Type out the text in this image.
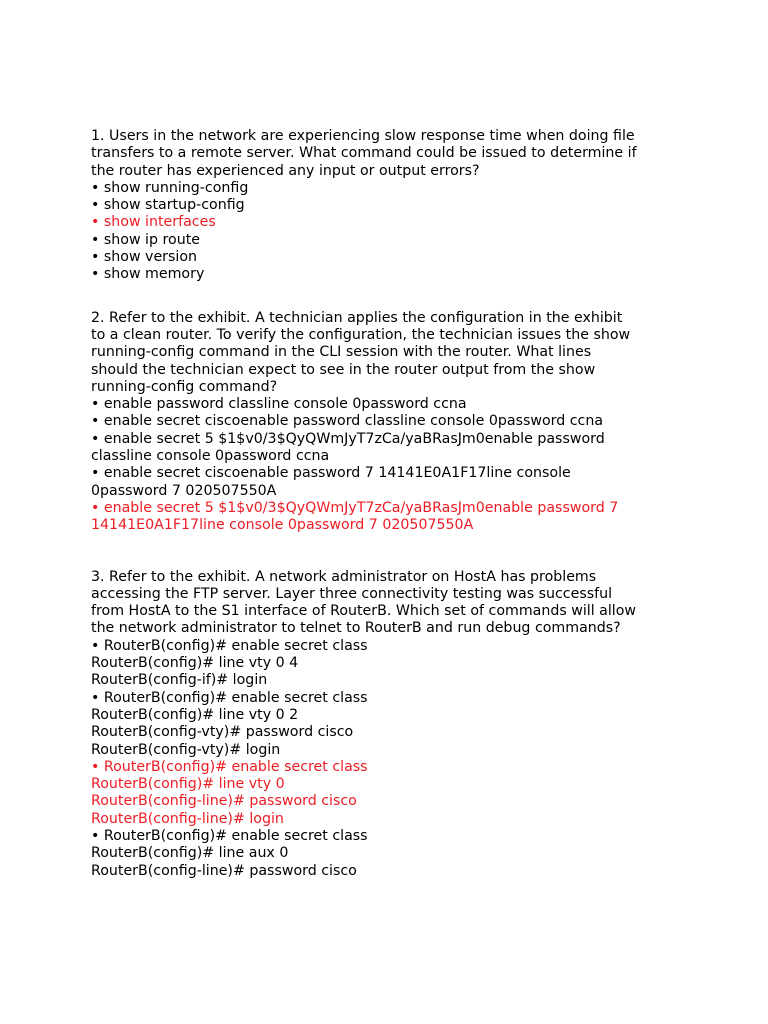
1. Users in the network are experiencing slow response time when doing file
transfers to a remote server. What command could be issued to determine if
the router has experienced any input or output errors?
• show running-config
• show startup-config
• show interfaces
• show ip route
• show version
• show memory
2. Refer to the exhibit. A technician applies the configuration in the exhibit
to a clean router. To verify the configuration, the technician issues the show
running-config command in the CLI session with the router. What lines
should the technician expect to see in the router output from the show
running-config command?
• enable password classline console 0password ccna
• enable secret ciscoenable password classline console 0password ccna
• enable secret 5 $1$v0/3$QyQWmJyT7zCa/yaBRasJm0enable password
classline console 0password ccna
• enable secret ciscoenable password 7 14141E0A1F17line console
0password 7 020507550A
• enable secret 5 $1$v0/3$QyQWmJyT7zCa/yaBRasJm0enable password 7
14141E0A1F17line console 0password 7 020507550A
3. Refer to the exhibit. A network administrator on HostA has problems
accessing the FTP server. Layer three connectivity testing was successful
from HostA to the S1 interface of RouterB. Which set of commands will allow
the network administrator to telnet to RouterB and run debug commands?
• RouterB(config)# enable secret class
RouterB(config)# line vty 0 4
RouterB(config-if)# login
• RouterB(config)# enable secret class
RouterB(config)# line vty 0 2
RouterB(config-vty)# password cisco
RouterB(config-vty)# login
• RouterB(config)# enable secret class
RouterB(config)# line vty 0
RouterB(config-line)# password cisco
RouterB(config-line)# login
• RouterB(config)# enable secret class
RouterB(config)# line aux 0
RouterB(config-line)# password cisco
